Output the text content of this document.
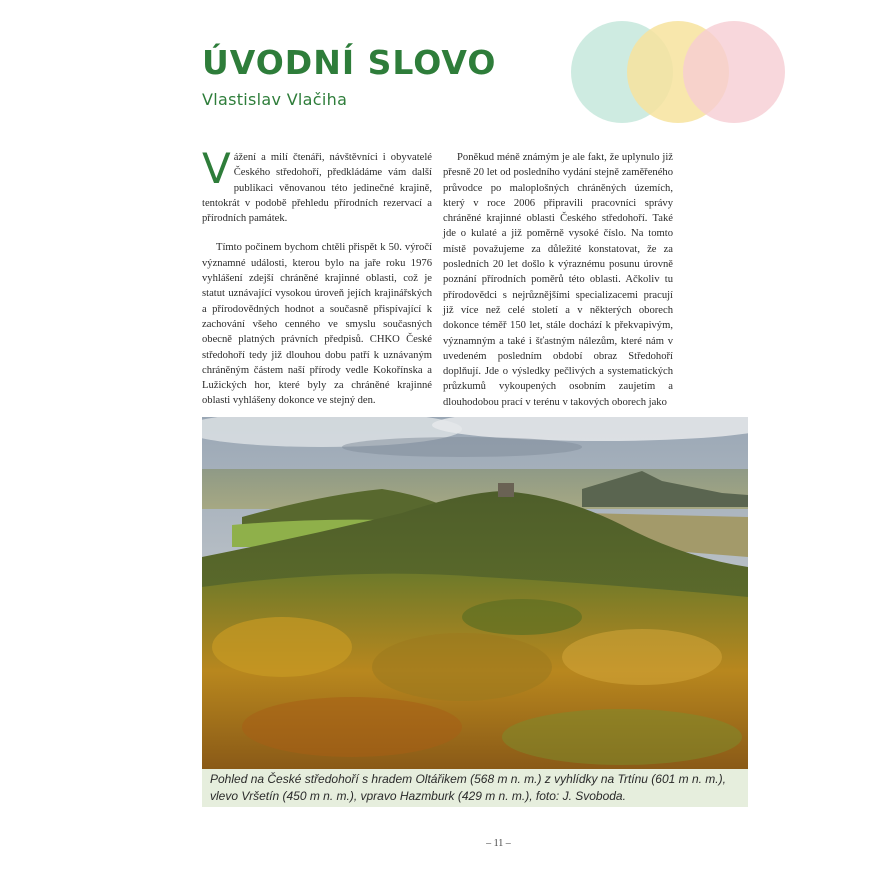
ÚVODNÍ SLOVO
Vlastislav Vlačiha

Vážení a milí čtenáři, návštěvníci i obyvatelé Českého středohoří, předkládáme vám další publikaci věnovanou této jedinečné krajině, tentokrát v podobě přehledu přírodních rezervací a přírodních památek.

Tímto počinem bychom chtěli přispět k 50. výročí významné události, kterou bylo na jaře roku 1976 vyhlášení zdejší chráněné krajinné oblasti, což je statut uznávající vysokou úroveň jejích krajinářských a přírodovědných hodnot a současně přispívající k zachování všeho cenného ve smyslu současných obecně platných právních předpisů. CHKO České středohoří tedy již dlouhou dobu patří k uznávaným chráněným částem naší přírody vedle Kokořínska a Lužických hor, které byly za chráněné krajinné oblasti vyhlášeny dokonce ve stejný den.

Poněkud méně známým je ale fakt, že uplynulo již přesně 20 let od posledního vydání stejně zaměřeného průvodce po maloplošných chráněných územích, který v roce 2006 připravili pracovníci správy chráněné krajinné oblasti Českého středohoří. Také jde o kulaté a již poměrně vysoké číslo. Na tomto místě považujeme za důležité konstatovat, že za posledních 20 let došlo k výraznému posunu úrovně poznání přírodních poměrů této oblasti. Ačkoliv tu přírodovědci s nejrůznějšími specializacemi pracují již více než celé století a v některých oborech dokonce téměř 150 let, stále dochází k překvapivým, významným a také i šťastným nálezům, které nám v uvedeném posledním období obraz Středohoří doplňují. Jde o výsledky pečlivých a systematických průzkumů vykoupených osobním zaujetím a dlouhodobou prací v terénu v takových oborech jako

Pohled na České středohoří s hradem Oltářikem (568 m n. m.) z vyhlídky na Trtínu (601 m n. m.),
vlevo Vršetín (450 m n. m.), vpravo Hazmburk (429 m n. m.), foto: J. Svoboda.
– 11 –
